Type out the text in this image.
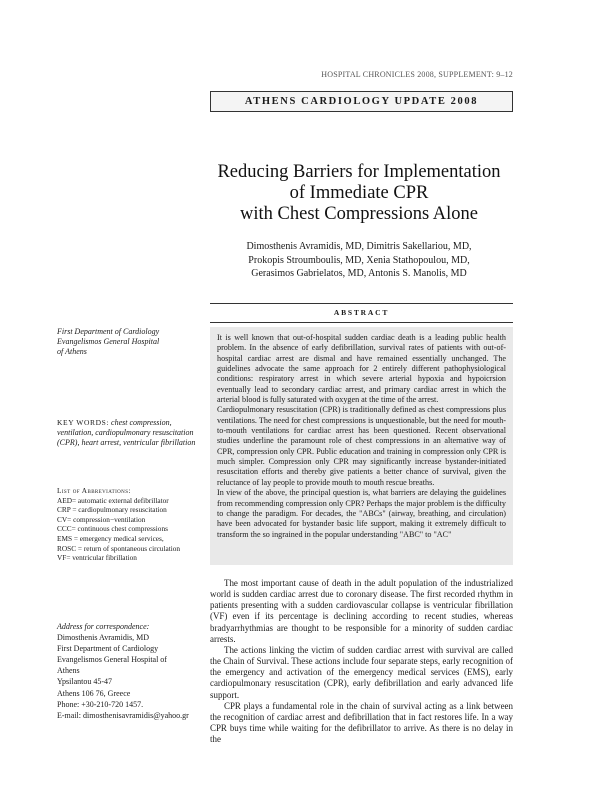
HOSPITAL CHRONICLES 2008, SUPPLEMENT: 9–12
ATHENS CARDIOLOGY UPDATE 2008
Reducing Barriers for Implementation
of Immediate CPR
with Chest Compressions Alone
Dimosthenis Avramidis, MD, Dimitris Sakellariou, MD,
Prokopis Stroumboulis, MD, Xenia Stathopoulou, MD,
Gerasimos Gabrielatos, MD, Antonis S. Manolis, MD
ABSTRACT

It is well known that out-of-hospital sudden cardiac death is a leading public health problem. In the absence of early defibrillation, survival rates of patients with out-of-hospital cardiac arrest are dismal and have remained essentially unchanged. The guidelines advocate the same approach for 2 entirely different pathophysiological conditions: respiratory arrest in which severe arterial hypoxia and hypoicrsion eventually lead to secondary cardiac arrest, and primary cardiac arrest in which the arterial blood is fully saturated with oxygen at the time of the arrest.

Cardiopulmonary resuscitation (CPR) is traditionally defined as chest compressions plus ventilations. The need for chest compressions is unquestionable, but the need for mouth-to-mouth ventilations for cardiac arrest has been questioned. Recent observational studies underline the paramount role of chest compressions in an alternative way of CPR, compression only CPR. Public education and training in compression only CPR is much simpler. Compression only CPR may significantly increase bystander-initiated resuscitation efforts and thereby give patients a better chance of survival, given the reluctance of lay people to provide mouth to mouth rescue breaths.

In view of the above, the principal question is, what barriers are delaying the guidelines from recommending compression only CPR? Perhaps the major problem is the difficulty to change the paradigm. For decades, the "ABCs" (airway, breathing, and circulation) have been advocated for bystander basic life support, making it extremely difficult to transform the so ingrained in the popular understanding "ABC" to "AC"

First Department of Cardiology
Evangelismos General Hospital
of Athens
KEY WORDS: chest compression, ventilation, cardiopulmonary resuscitation (CPR), heart arrest, ventricular fibrillation
List of Abbreviations:
AED= automatic external defibrillator
CRP = cardiopulmonary resuscitation
CV= compression−ventilation
CCC= continuous chest compressions
EMS = emergency medical services,
ROSC = return of spontaneous circulation
VF= ventricular fibrillation
Address for correspondence:
Dimosthenis Avramidis, MD
First Department of Cardiology
Evangelismos General Hospital of
Athens
Ypsilantou 45-47
Athens 106 76, Greece
Phone: +30-210-720 1457.
E-mail: dimosthenisavramidis@yahoo.gr

The most important cause of death in the adult population of the industrialized world is sudden cardiac arrest due to coronary disease. The first recorded rhythm in patients presenting with a sudden cardiovascular collapse is ventricular fibrillation (VF) even if its percentage is declining according to recent studies, whereas bradyarrhythmias are thought to be responsible for a minority of sudden cardiac arrests.

The actions linking the victim of sudden cardiac arrest with survival are called the Chain of Survival. These actions include four separate steps, early recognition of the emergency and activation of the emergency medical services (EMS), early cardiopulmonary resuscitation (CPR), early defibrillation and early advanced life support.

CPR plays a fundamental role in the chain of survival acting as a link between the recognition of cardiac arrest and defibrillation that in fact restores life. In a way CPR buys time while waiting for the defibrillator to arrive. As there is no delay in the
